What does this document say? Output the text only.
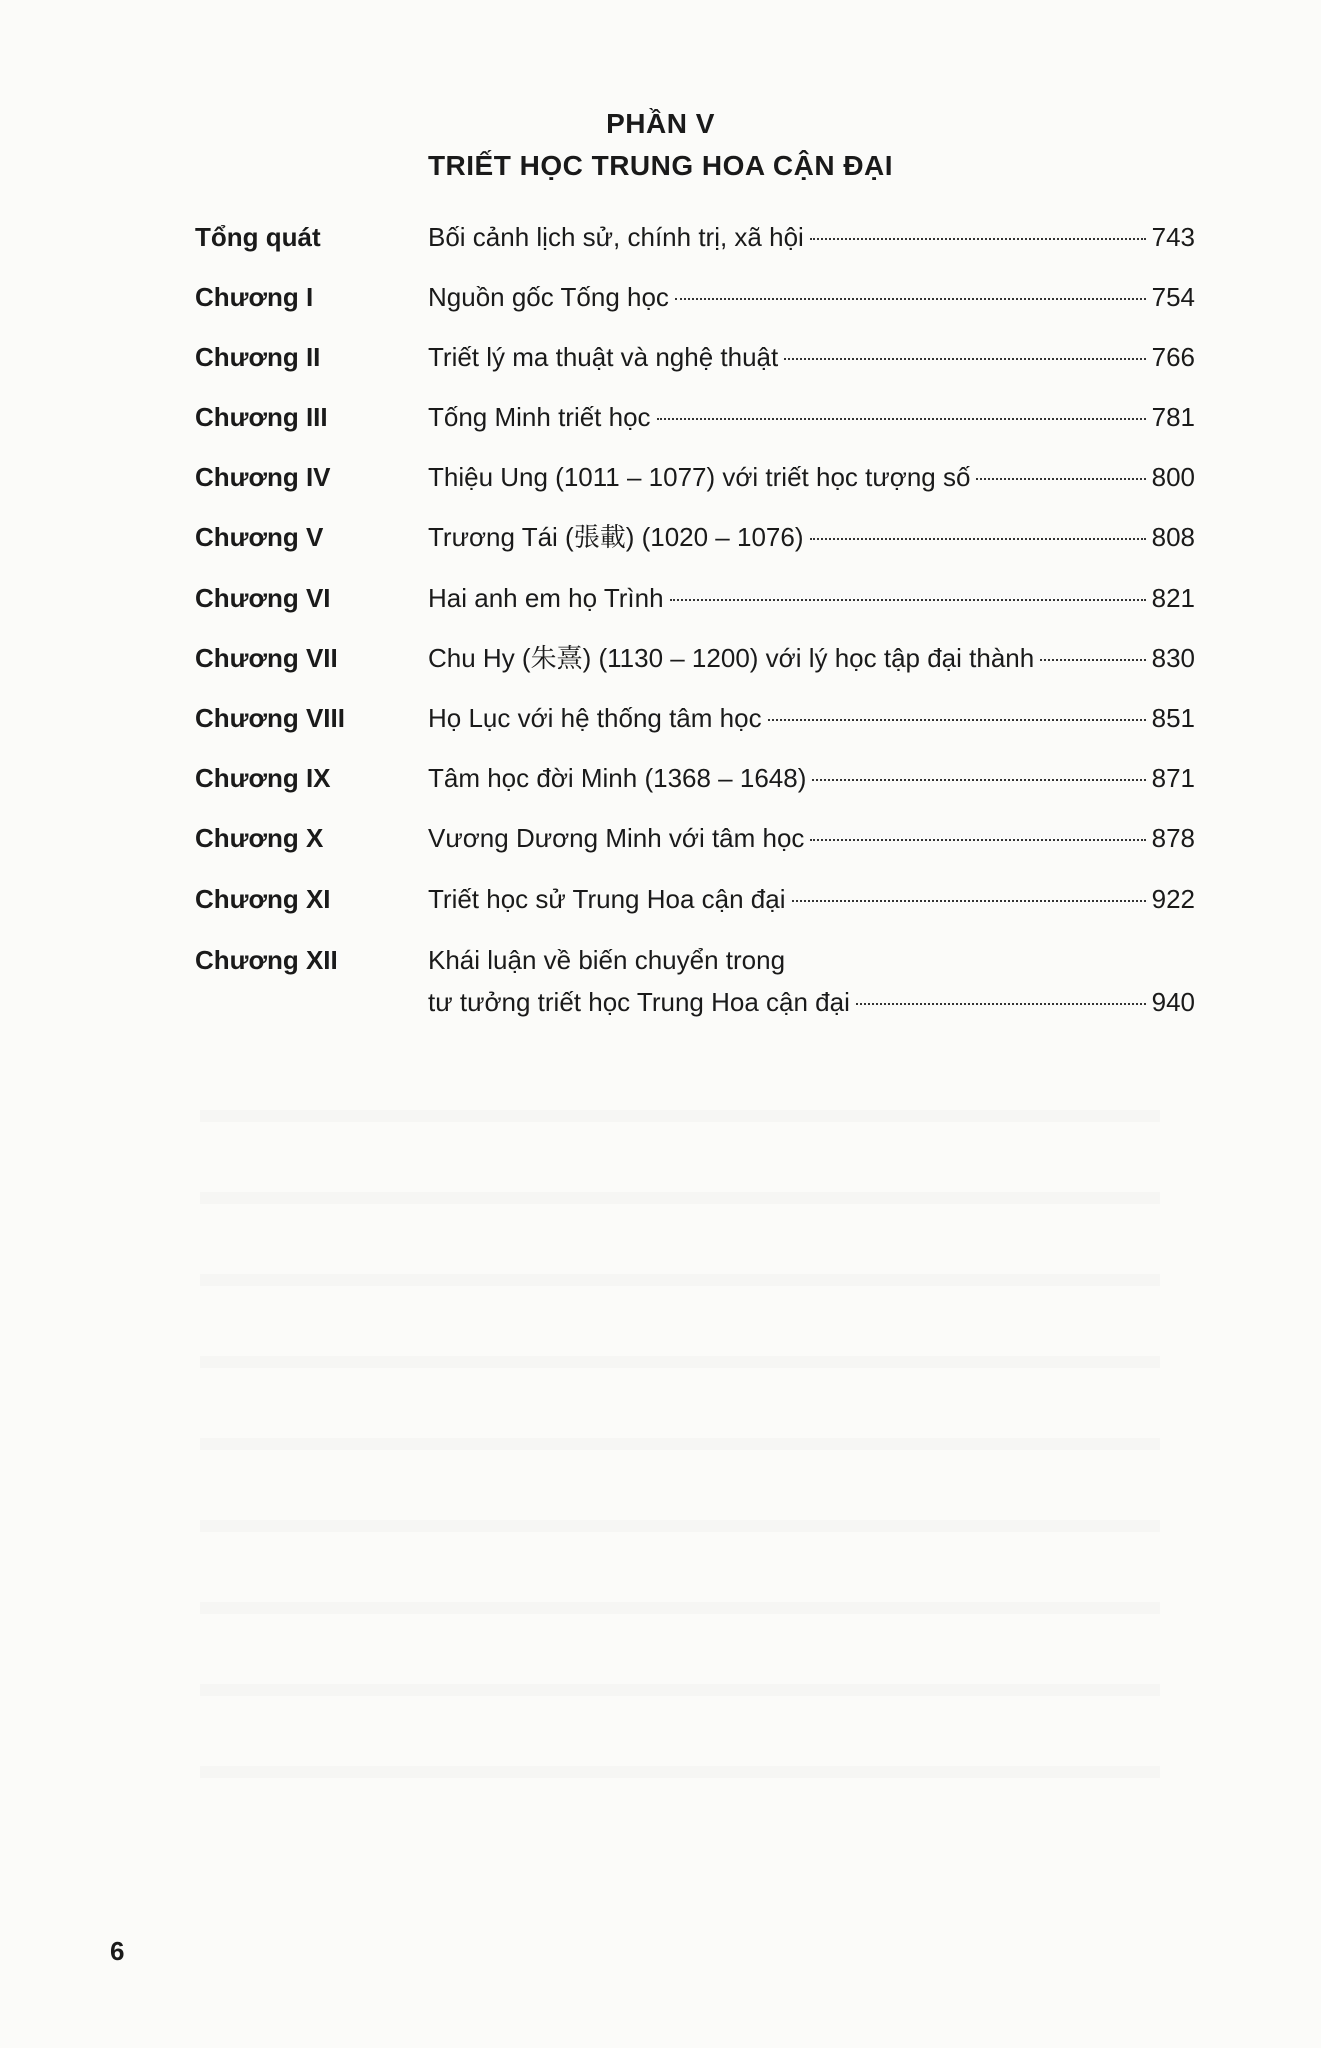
PHẦN V
TRIẾT HỌC TRUNG HOA CẬN ĐẠI
Tổng quát	Bối cảnh lịch sử, chính trị, xã hội	743
Chương I	Nguồn gốc Tống học	754
Chương II	Triết lý ma thuật và nghệ thuật	766
Chương III	Tống Minh triết học	781
Chương IV	Thiệu Ung (1011 – 1077) với triết học tượng số	800
Chương V	Trương Tái (張載) (1020 – 1076)	808
Chương VI	Hai anh em họ Trình	821
Chương VII	Chu Hy (朱熹) (1130 – 1200) với lý học tập đại thành	830
Chương VIII	Họ Lục với hệ thống tâm học	851
Chương IX	Tâm học đời Minh (1368 – 1648)	871
Chương X	Vương Dương Minh với tâm học	878
Chương XI	Triết học sử Trung Hoa cận đại	922
Chương XII	Khái luận về biến chuyển trong
tư tưởng triết học Trung Hoa cận đại	940
6
